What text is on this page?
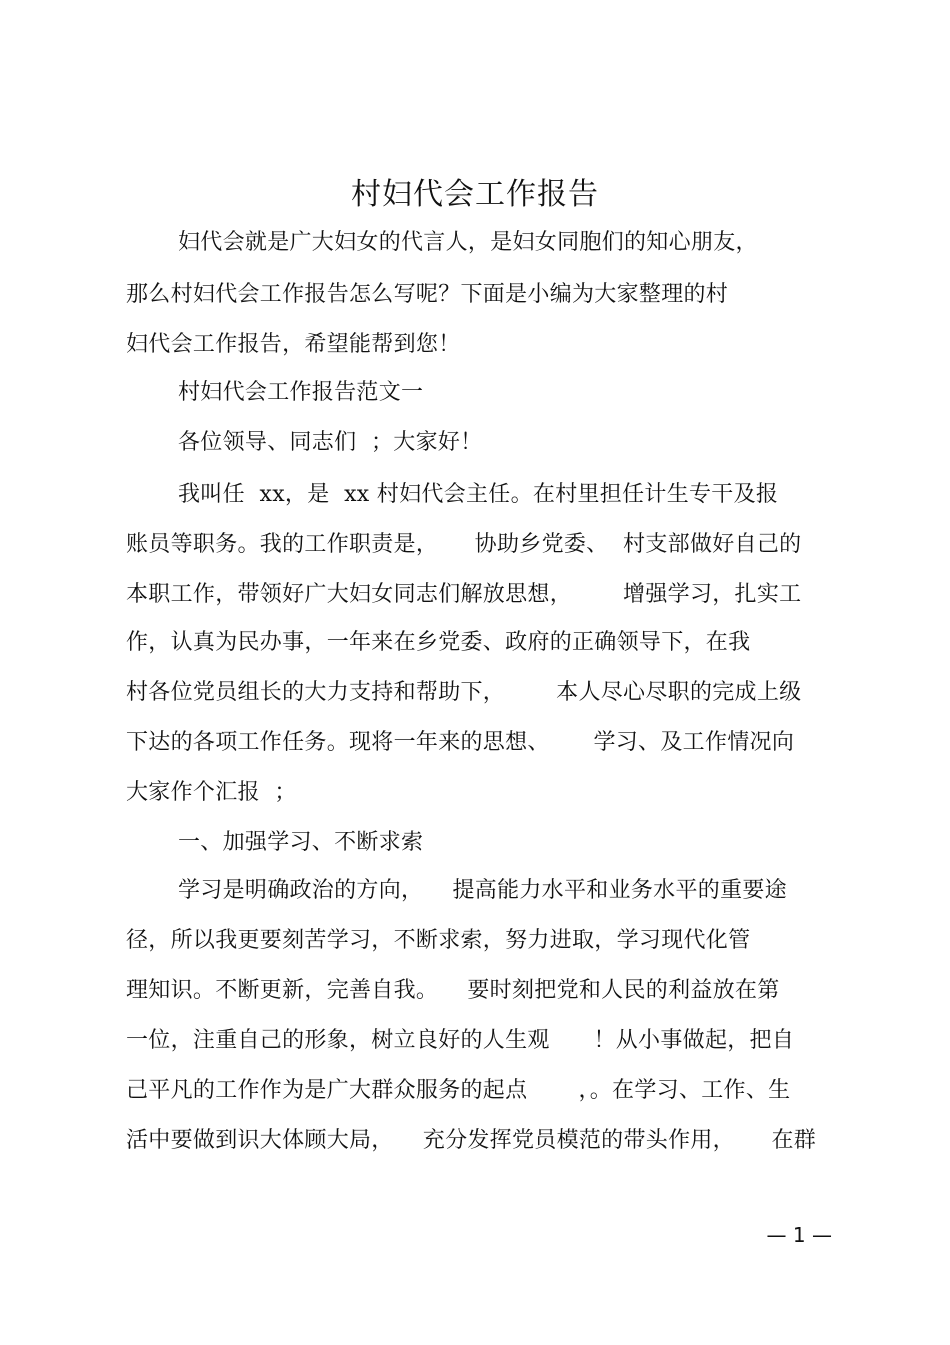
村妇代会工作报告
妇代会就是广大妇女的代言人，是妇女同胞们的知心朋友，
那么村妇代会工作报告怎么写呢？下面是小编为大家整理的村
妇代会工作报告，希望能帮到您！
村妇代会工作报告范文一
各位领导、同志们  ；大家好！
我叫任  xx，是  xx 村妇代会主任。在村里担任计生专干及报
账员等职务。我的工作职责是，     协助乡党委、  村支部做好自己的
本职工作，带领好广大妇女同志们解放思想，       增强学习，扎实工
作，认真为民办事，一年来在乡党委、政府的正确领导下，在我
村各位党员组长的大力支持和帮助下，       本人尽心尽职的完成上级
下达的各项工作任务。现将一年来的思想、      学习、及工作情况向
大家作个汇报  ；
一、加强学习、不断求索
学习是明确政治的方向，    提高能力水平和业务水平的重要途
径，所以我更要刻苦学习，不断求索，努力进取，学习现代化管
理知识。不断更新，完善自我。    要时刻把党和人民的利益放在第
一位，注重自己的形象，树立良好的人生观      ！从小事做起，把自
己平凡的工作作为是广大群众服务的起点       ，。在学习、工作、生
活中要做到识大体顾大局，    充分发挥党员模范的带头作用，     在群
— 1 —
